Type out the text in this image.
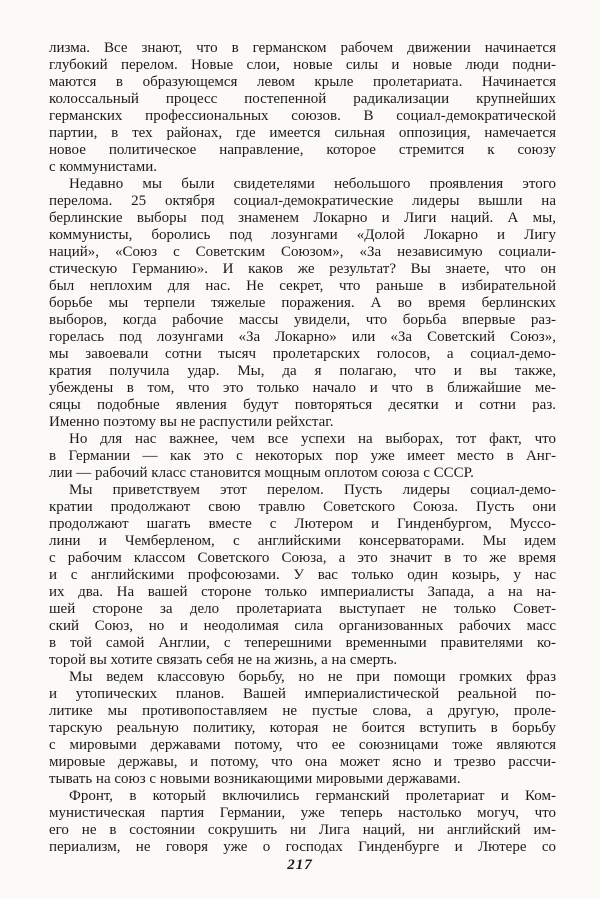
лизма. Все знают, что в германском рабочем движении начинается
глубокий перелом. Новые слои, новые силы и новые люди подни-
маются в образующемся левом крыле пролетариата. Начинается
колоссальный процесс постепенной радикализации крупнейших
германских профессиональных союзов. В социал-демократической
партии, в тех районах, где имеется сильная оппозиция, намечается
новое политическое направление, которое стремится к союзу
с коммунистами.
Недавно мы были свидетелями небольшого проявления этого
перелома. 25 октября социал-демократические лидеры вышли на
берлинские выборы под знаменем Локарно и Лиги наций. А мы,
коммунисты, боролись под лозунгами «Долой Локарно и Лигу
наций», «Союз с Советским Союзом», «За независимую социали-
стическую Германию». И каков же результат? Вы знаете, что он
был неплохим для нас. Не секрет, что раньше в избирательной
борьбе мы терпели тяжелые поражения. А во время берлинских
выборов, когда рабочие массы увидели, что борьба впервые раз-
горелась под лозунгами «За Локарно» или «За Советский Союз»,
мы завоевали сотни тысяч пролетарских голосов, а социал-демо-
кратия получила удар. Мы, да я полагаю, что и вы также,
убеждены в том, что это только начало и что в ближайшие ме-
сяцы подобные явления будут повторяться десятки и сотни раз.
Именно поэтому вы не распустили рейхстаг.
Но для нас важнее, чем все успехи на выборах, тот факт, что
в Германии — как это с некоторых пор уже имеет место в Анг-
лии — рабочий класс становится мощным оплотом союза с СССР.
Мы приветствуем этот перелом. Пусть лидеры социал-демо-
кратии продолжают свою травлю Советского Союза. Пусть они
продолжают шагать вместе с Лютером и Гинденбургом, Муссо-
лини и Чемберленом, с английскими консерваторами. Мы идем
с рабочим классом Советского Союза, а это значит в то же время
и с английскими профсоюзами. У вас только один козырь, у нас
их два. На вашей стороне только империалисты Запада, а на на-
шей стороне за дело пролетариата выступает не только Совет-
ский Союз, но и неодолимая сила организованных рабочих масс
в той самой Англии, с теперешними временными правителями ко-
торой вы хотите связать себя не на жизнь, а на смерть.
Мы ведем классовую борьбу, но не при помощи громких фраз
и утопических планов. Вашей империалистической реальной по-
литике мы противопоставляем не пустые слова, а другую, проле-
тарскую реальную политику, которая не боится вступить в борьбу
с мировыми державами потому, что ее союзницами тоже являются
мировые державы, и потому, что она может ясно и трезво рассчи-
тывать на союз с новыми возникающими мировыми державами.
Фронт, в который включились германский пролетариат и Ком-
мунистическая партия Германии, уже теперь настолько могуч, что
его не в состоянии сокрушить ни Лига наций, ни английский им-
периализм, не говоря уже о господах Гинденбурге и Лютере со
217
